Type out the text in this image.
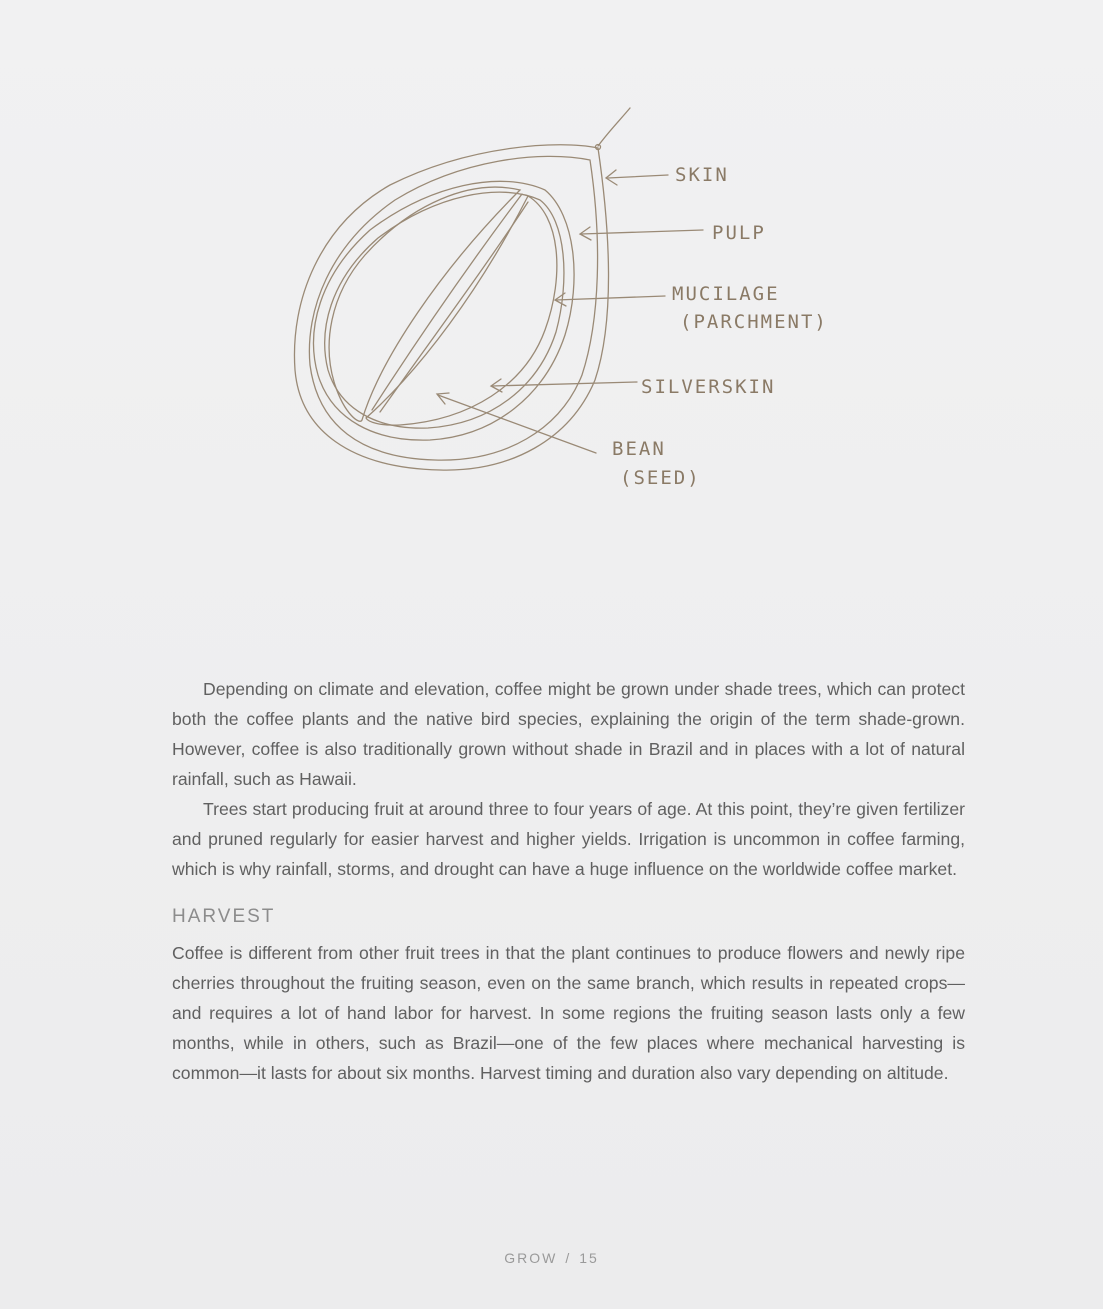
SKIN
PULP
MUCILAGE
(PARCHMENT)
SILVERSKIN
BEAN
(SEED)

Depending on climate and elevation, coffee might be grown under shade trees, which can protect both the coffee plants and the native bird species, explaining the origin of the term shade-grown. However, coffee is also traditionally grown without shade in Brazil and in places with a lot of natural rainfall, such as Hawaii.

Trees start producing fruit at around three to four years of age. At this point, they’re given fertilizer and pruned regularly for easier harvest and higher yields. Irrigation is uncommon in coffee farming, which is why rainfall, storms, and drought can have a huge influence on the worldwide coffee market.

HARVEST

Coffee is different from other fruit trees in that the plant continues to produce flowers and newly ripe cherries throughout the fruiting season, even on the same branch, which results in repeated crops—and requires a lot of hand labor for harvest. In some regions the fruiting season lasts only a few months, while in others, such as Brazil—one of the few places where mechanical harvesting is common—it lasts for about six months. Harvest timing and duration also vary depending on altitude.

GROW / 15
